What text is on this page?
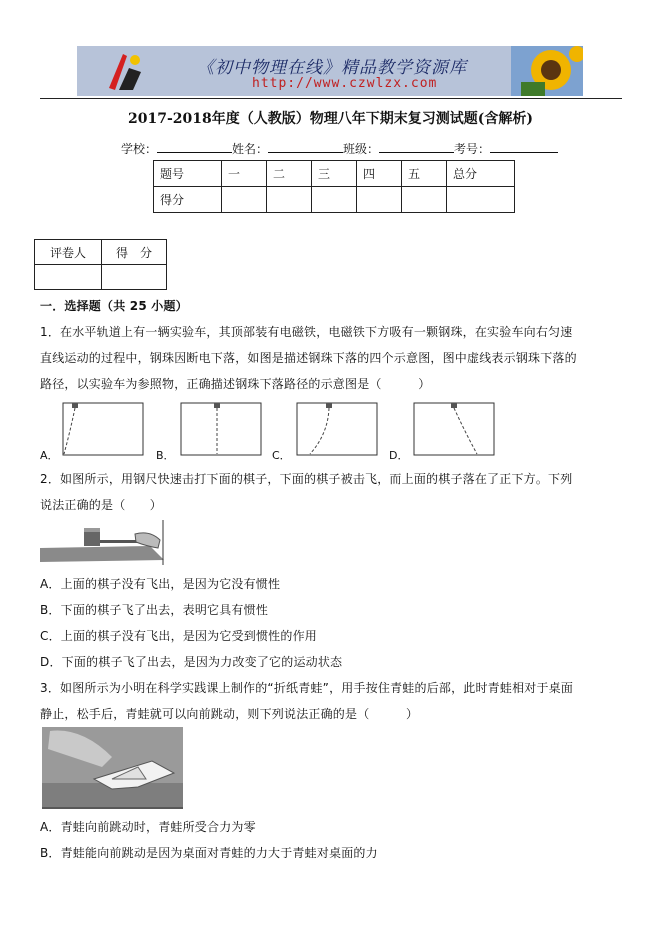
《初中物理在线》精品教学资源库
http://www.czwlzx.com
2017-2018年度（人教版）物理八年下期末复习测试题(含解析)
学校：	姓名：	班级：	考号：
题号	一	二	三	四	五	总分
得分						
评卷人	得　分

一．选择题（共 25 小题）
1．在水平轨道上有一辆实验车，其顶部装有电磁铁，电磁铁下方吸有一颗钢珠，在实验车向右匀速
直线运动的过程中，钢珠因断电下落，如图是描述钢珠下落的四个示意图，图中虚线表示钢珠下落的
路径，以实验车为参照物，正确描述钢珠下落路径的示意图是（　　　）
A．	B．	C．	D．
2．如图所示，用钢尺快速击打下面的棋子，下面的棋子被击飞，而上面的棋子落在了正下方。下列
说法正确的是（　　）
A．上面的棋子没有飞出，是因为它没有惯性
B．下面的棋子飞了出去，表明它具有惯性
C．上面的棋子没有飞出，是因为它受到惯性的作用
D．下面的棋子飞了出去，是因为力改变了它的运动状态
3．如图所示为小明在科学实践课上制作的“折纸青蛙”，用手按住青蛙的后部，此时青蛙相对于桌面
静止，松手后，青蛙就可以向前跳动，则下列说法正确的是（　　　）
A．青蛙向前跳动时，青蛙所受合力为零
B．青蛙能向前跳动是因为桌面对青蛙的力大于青蛙对桌面的力
